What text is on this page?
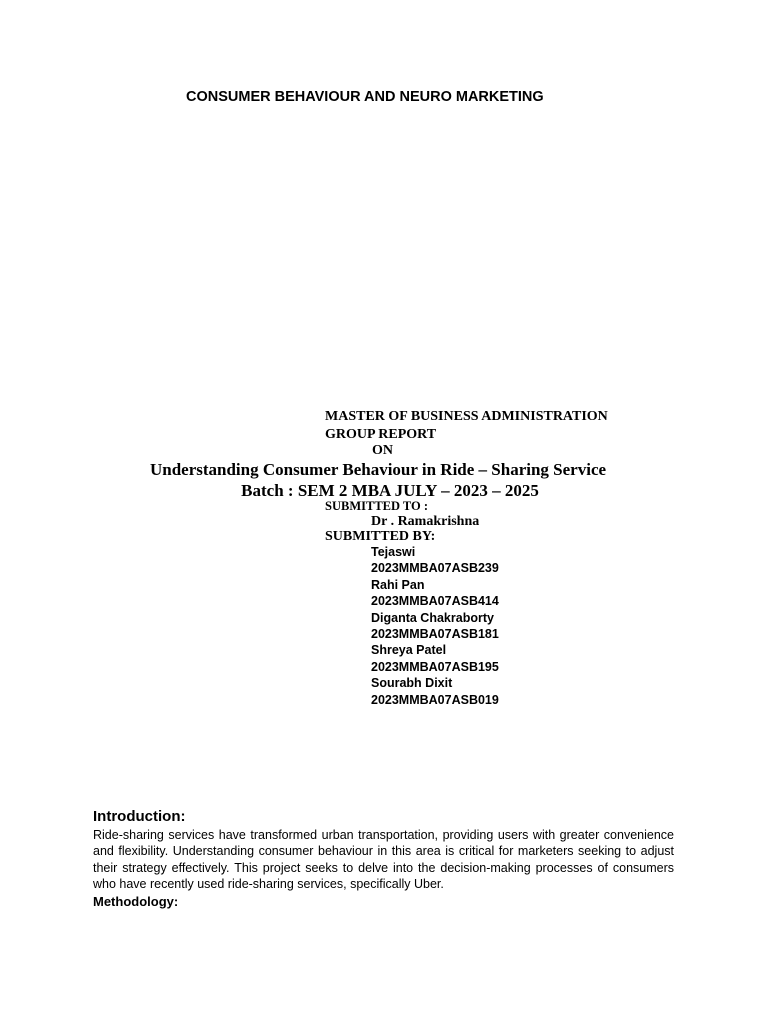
CONSUMER BEHAVIOUR AND NEURO MARKETING
MASTER OF BUSINESS ADMINISTRATION
GROUP REPORT
ON
Understanding Consumer Behaviour in Ride – Sharing Service
Batch : SEM 2 MBA JULY – 2023 – 2025
SUBMITTED TO :
Dr . Ramakrishna
SUBMITTED BY:
Tejaswi
2023MMBA07ASB239
Rahi Pan
2023MMBA07ASB414
Diganta Chakraborty
2023MMBA07ASB181
Shreya Patel
2023MMBA07ASB195
Sourabh Dixit
2023MMBA07ASB019
Introduction:

Ride-sharing services have transformed urban transportation, providing users with greater convenience and flexibility. Understanding consumer behaviour in this area is critical for marketers seeking to adjust their strategy effectively. This project seeks to delve into the decision-making processes of consumers who have recently used ride-sharing services, specifically Uber.

Methodology:
